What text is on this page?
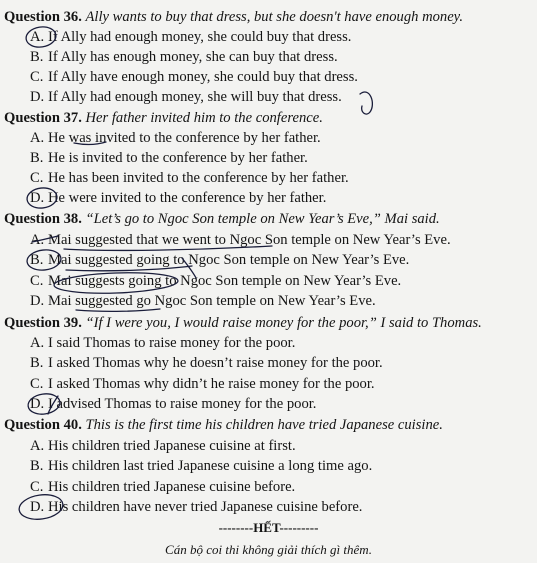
Question 36. Ally wants to buy that dress, but she doesn't have enough money.
A. If Ally had enough money, she could buy that dress.
B. If Ally has enough money, she can buy that dress.
C. If Ally have enough money, she could buy that dress.
D. If Ally had enough money, she will buy that dress.
Question 37. Her father invited him to the conference.
A. He was invited to the conference by her father.
B. He is invited to the conference by her father.
C. He has been invited to the conference by her father.
D. He were invited to the conference by her father.
Question 38. “Let’s go to Ngoc Son temple on New Year’s Eve,” Mai said.
A. Mai suggested that we went to Ngoc Son temple on New Year’s Eve.
B. Mai suggested going to Ngoc Son temple on New Year’s Eve.
C. Mai suggests going to Ngoc Son temple on New Year’s Eve.
D. Mai suggested go Ngoc Son temple on New Year’s Eve.
Question 39. “If I were you, I would raise money for the poor,” I said to Thomas.
A. I said Thomas to raise money for the poor.
B. I asked Thomas why he doesn’t raise money for the poor.
C. I asked Thomas why didn’t he raise money for the poor.
D. I advised Thomas to raise money for the poor.
Question 40. This is the first time his children have tried Japanese cuisine.
A. His children tried Japanese cuisine at first.
B. His children last tried Japanese cuisine a long time ago.
C. His children tried Japanese cuisine before.
D. His children have never tried Japanese cuisine before.
--------HẾT---------
Cán bộ coi thi không giải thích gì thêm.
